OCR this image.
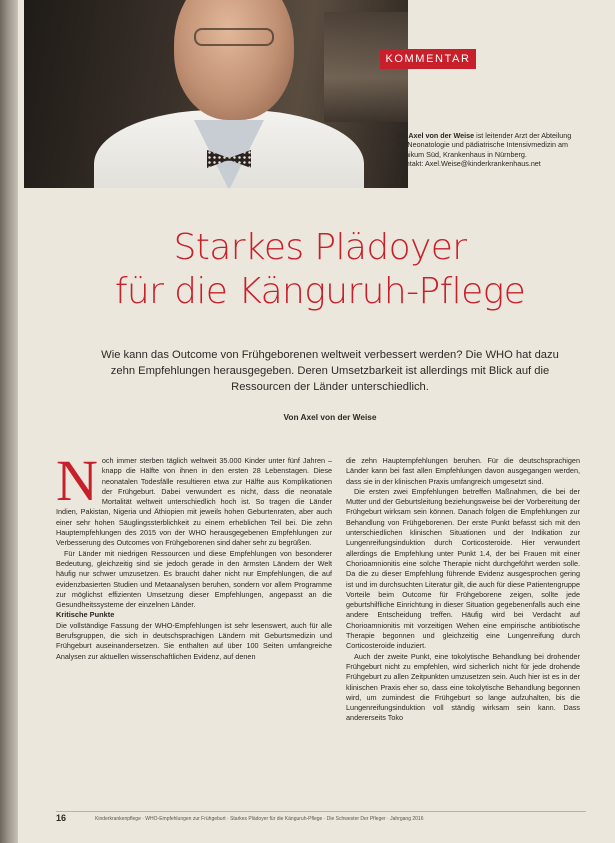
KOMMENTAR
Dr. Axel von der Weise ist leitender Arzt der Abteilung für Neonatologie und pädiatrische Intensivmedizin am Klinikum Süd, Krankenhaus in Nürnberg.
Kontakt: Axel.Weise@kinderkrankenhaus.net
Starkes Plädoyer
für die Känguruh-Pflege
Wie kann das Outcome von Frühgeborenen weltweit verbessert werden? Die WHO hat dazu zehn Empfehlungen herausgegeben. Deren Umsetzbarkeit ist allerdings mit Blick auf die Ressourcen der Länder unterschiedlich.
Von Axel von der Weise
N och immer sterben täglich weltweit 35.000 Kinder unter fünf Jahren – knapp die Hälfte von ihnen in den ersten 28 Lebenstagen. Diese neonatalen Todesfälle resultieren etwa zur Hälfte aus Komplikationen der Frühgeburt. Dabei verwundert es nicht, dass die neonatale Mortalität weltweit unterschiedlich hoch ist. So tragen die Länder Indien, Pakistan, Nigeria und Äthiopien mit jeweils hohen Geburtenraten, aber auch einer sehr hohen Säuglingssterblichkeit zu einem erheblichen Teil bei. Die zehn Hauptempfehlungen des 2015 von der WHO herausgegebenen Empfehlungen zur Verbesserung des Outcomes von Frühgeborenen sind daher sehr zu begrüßen.

Für Länder mit niedrigen Ressourcen und diese Empfehlungen von besonderer Bedeutung, gleichzeitig sind sie jedoch gerade in den ärmsten Ländern der Welt häufig nur schwer umzusetzen. Es braucht daher nicht nur Empfehlungen, die auf evidenzbasierten Studien und Metaanalysen beruhen, sondern vor allem Programme zur möglichst effizienten Umsetzung dieser Empfehlungen, angepasst an die Gesundheitssysteme der einzelnen Länder.

Kritische Punkte

Die vollständige Fassung der WHO-Empfehlungen ist sehr lesenswert, auch für alle Berufsgruppen, die sich in deutschsprachigen Ländern mit Geburtsmedizin und Frühgeburt auseinandersetzen. Sie enthalten auf über 100 Seiten umfangreiche Analysen zur aktuellen wissenschaftlichen Evidenz, auf denen

die zehn Hauptempfehlungen beruhen. Für die deutschsprachigen Länder kann bei fast allen Empfehlungen davon ausgegangen werden, dass sie in der klinischen Praxis umfangreich umgesetzt sind.

Die ersten zwei Empfehlungen betreffen Maßnahmen, die bei der Mutter und der Geburtsleitung beziehungsweise bei der Vorbereitung der Frühgeburt wirksam sein können. Danach folgen die Empfehlungen zur Behandlung von Frühgeborenen. Der erste Punkt befasst sich mit den unterschiedlichen klinischen Situationen und der Indikation zur Lungenreifungsinduktion durch Corticosteroide. Hier verwundert allerdings die Empfehlung unter Punkt 1.4, der bei Frauen mit einer Chorioamnionitis eine solche Therapie nicht durchgeführt werden solle. Da die zu dieser Empfehlung führende Evidenz ausgesprochen gering ist und im durchsuchten Literatur gilt, die auch für diese Patientengruppe Vorteile beim Outcome für Frühgeborene zeigen, sollte jede geburtshilfliche Einrichtung in dieser Situation gegebenenfalls auch eine andere Entscheidung treffen. Häufig wird bei Verdacht auf Chorioamnionitis mit vorzeitigen Wehen eine empirische antibiotische Therapie begonnen und gleichzeitig eine Lungenreifung durch Corticosteroide induziert.

Auch der zweite Punkt, eine tokolytische Behandlung bei drohender Frühgeburt nicht zu empfehlen, wird sicherlich nicht für jede drohende Frühgeburt zu allen Zeitpunkten umzusetzen sein. Auch hier ist es in der klinischen Praxis eher so, dass eine tokolytische Behandlung begonnen wird, um zumindest die Frühgeburt so lange aufzuhalten, bis die Lungenreifungsinduktion voll ständig wirksam sein kann. Dass andererseits Toko

16	Kinderkrankenpflege · WHO-Empfehlungen zur Frühgeburt · Starkes Plädoyer für die Känguruh-Pflege · Die Schwester Der Pfleger · Jahrgang 2016
